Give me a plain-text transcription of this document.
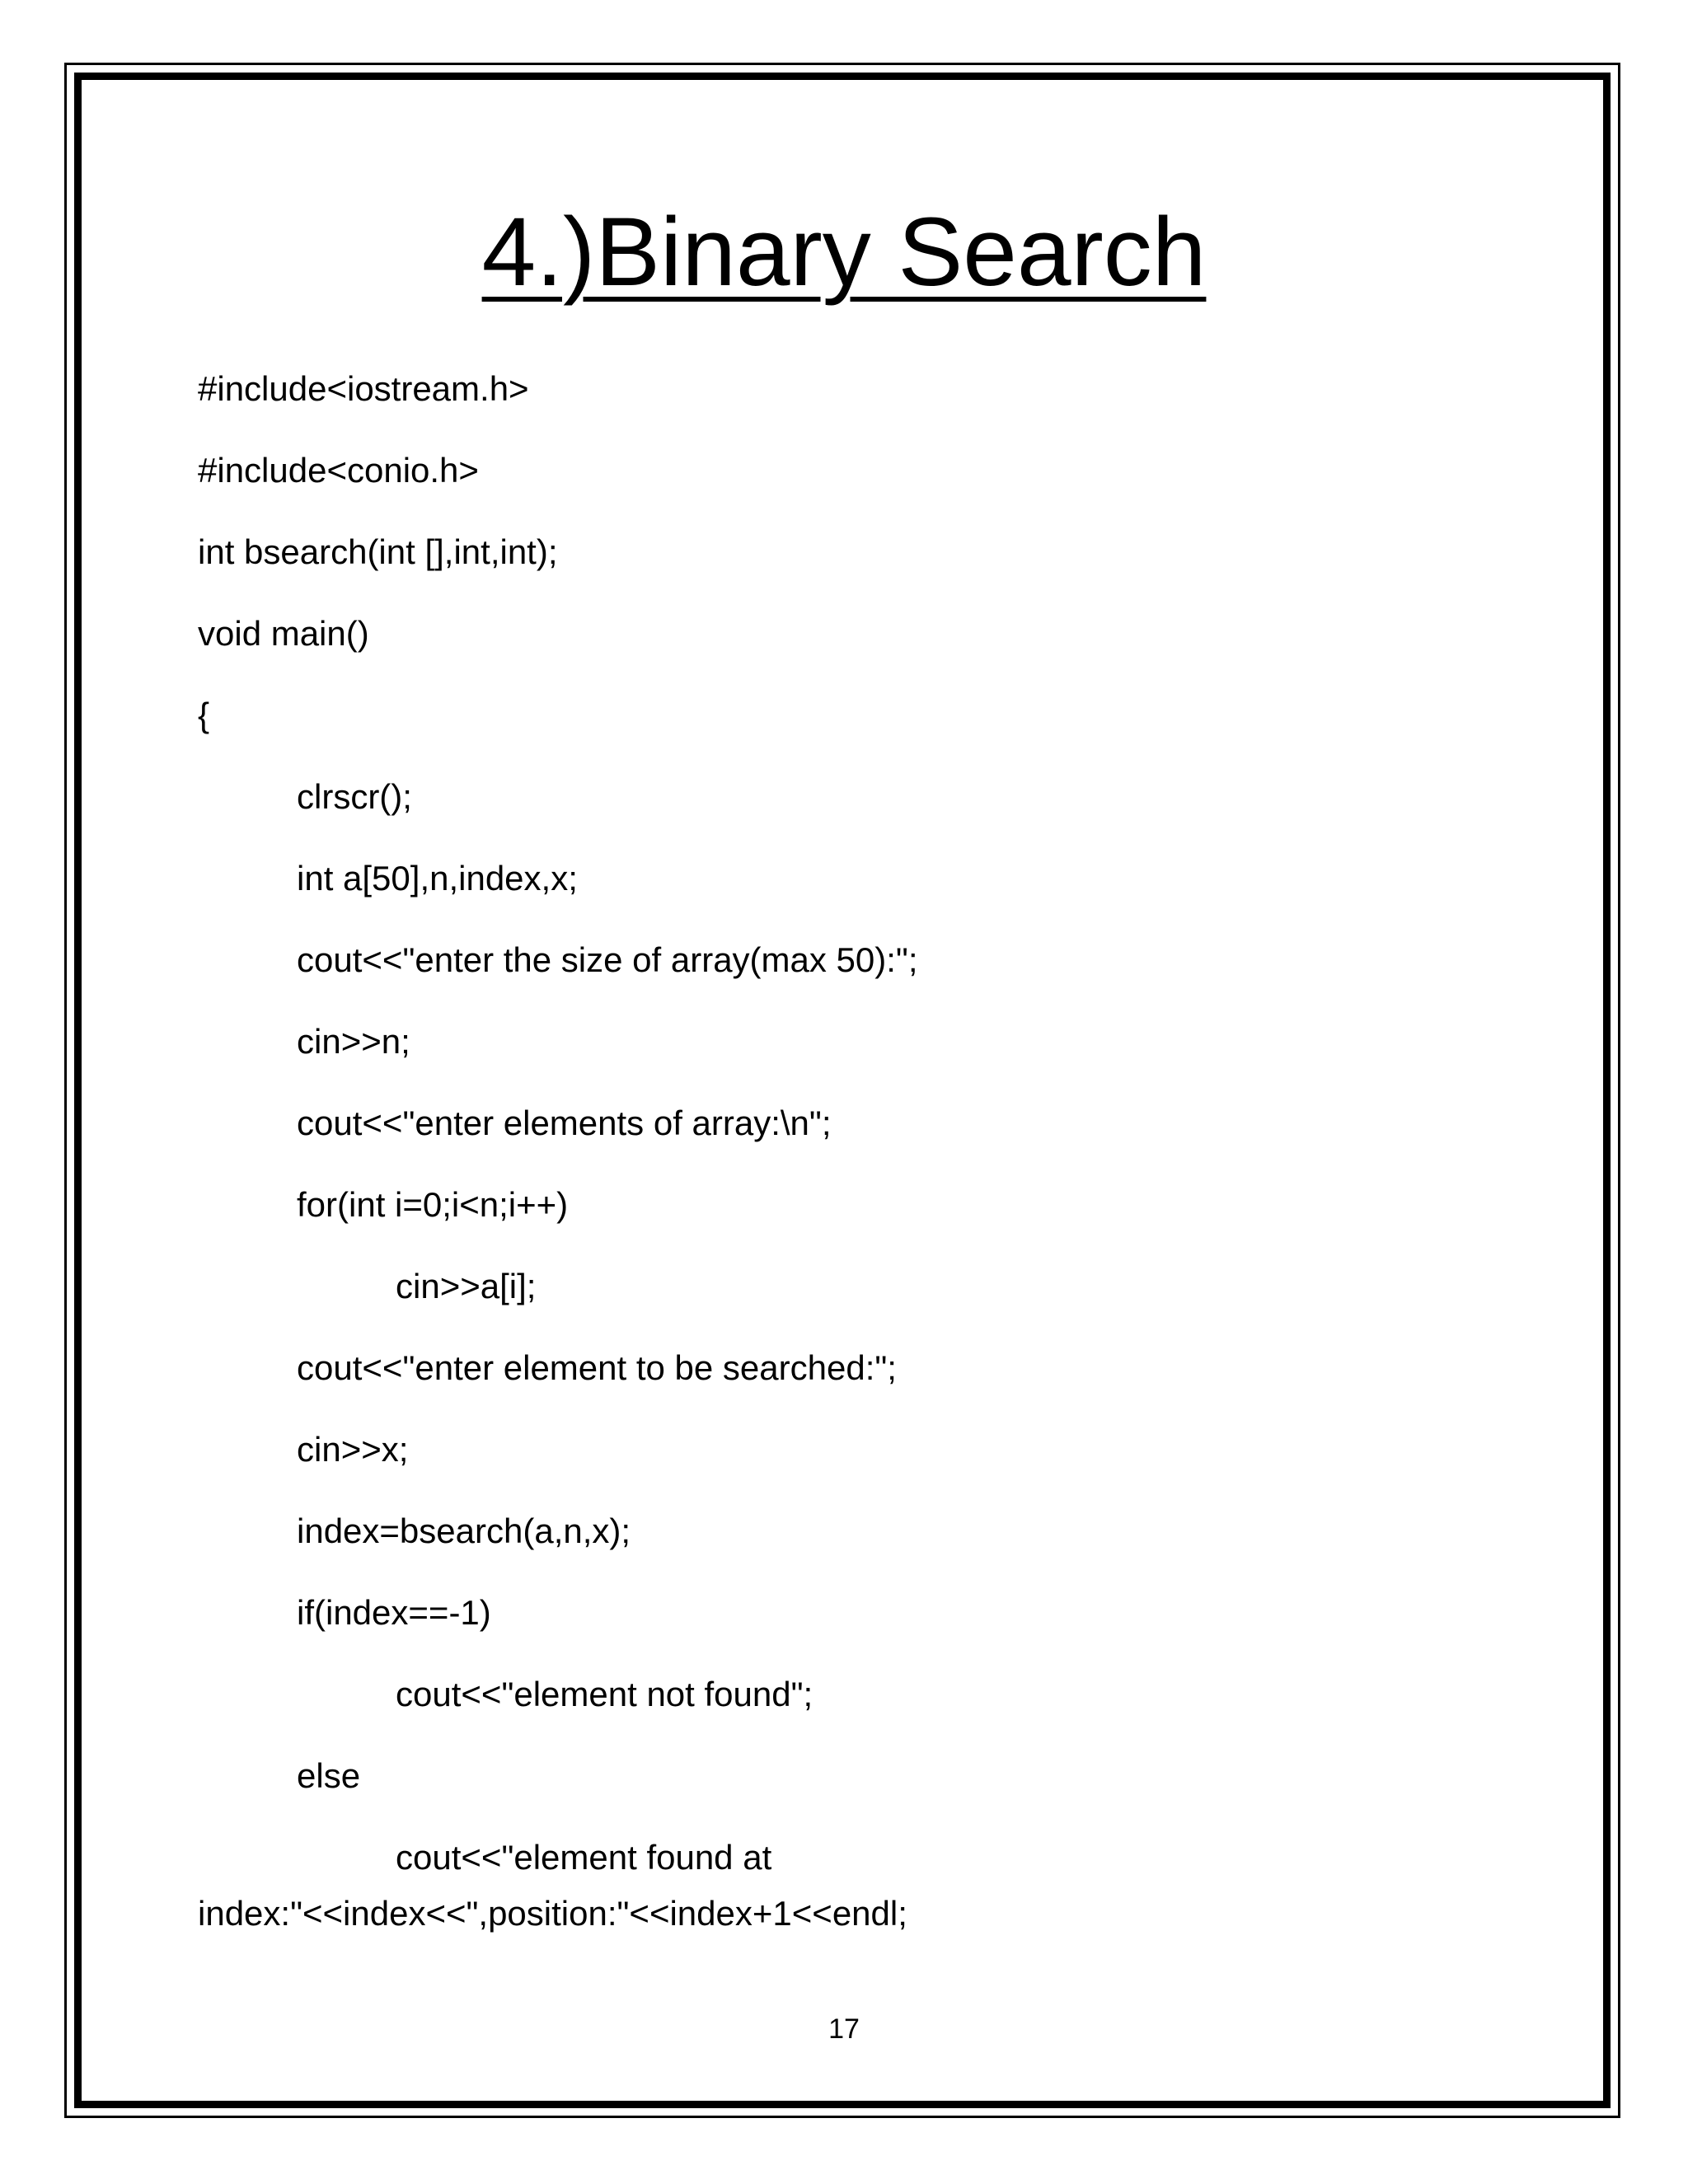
4.)Binary Search
#include<iostream.h>
#include<conio.h>
int bsearch(int [],int,int);
void main()
{
clrscr();
int a[50],n,index,x;
cout<<"enter the size of array(max 50):";
cin>>n;
cout<<"enter elements of array:\n";
for(int i=0;i<n;i++)
cin>>a[i];
cout<<"enter element to be searched:";
cin>>x;
index=bsearch(a,n,x);
if(index==-1)
cout<<"element not found";
else
cout<<"element found at
index:"<<index<<",position:"<<index+1<<endl;
17
